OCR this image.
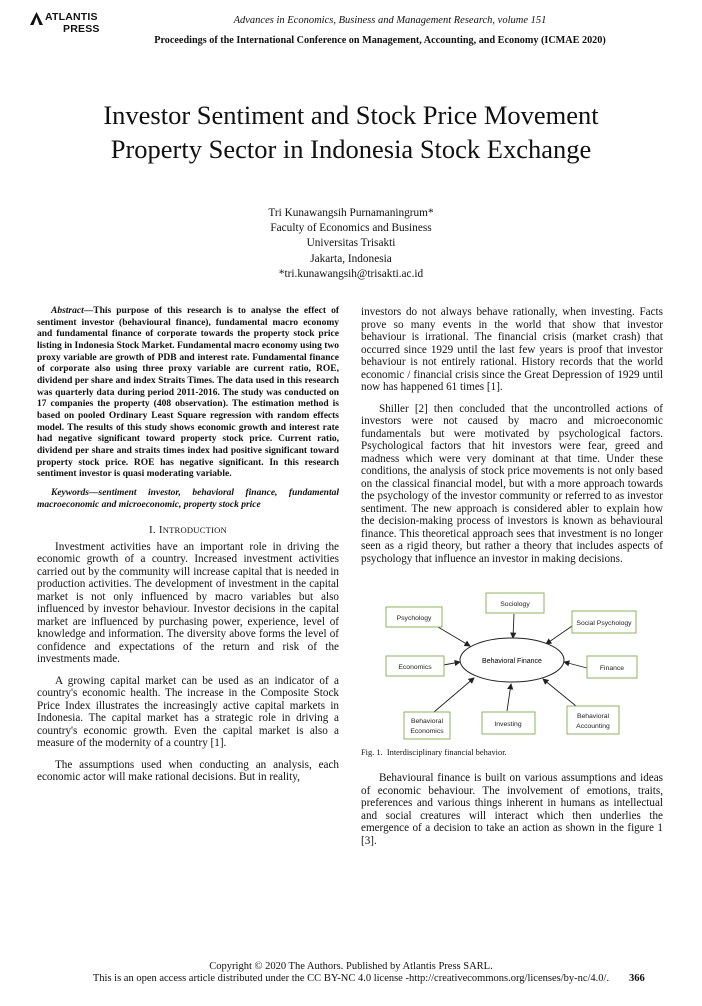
ATLANTIS
PRESS
Advances in Economics, Business and Management Research, volume 151
Proceedings of the International Conference on Management, Accounting, and Economy (ICMAE 2020)
Investor Sentiment and Stock Price Movement
Property Sector in Indonesia Stock Exchange
Tri Kunawangsih Purnamaningrum*
Faculty of Economics and Business
Universitas Trisakti
Jakarta, Indonesia
*tri.kunawangsih@trisakti.ac.id
Abstract—This purpose of this research is to analyse the effect of sentiment investor (behavioural finance), fundamental macro economy and fundamental finance of corporate towards the property stock price listing in Indonesia Stock Market. Fundamental macro economy using two proxy variable are growth of PDB and interest rate. Fundamental finance of corporate also using three proxy variable are current ratio, ROE, dividend per share and index Straits Times. The data used in this research was quarterly data during period 2011-2016. The study was conducted on 17 companies the property (408 observation). The estimation method is based on pooled Ordinary Least Square regression with random effects model. The results of this study shows economic growth and interest rate had negative significant toward property stock price. Current ratio, dividend per share and straits times index had positive significant toward property stock price. ROE has negative significant. In this research sentiment investor is quasi moderating variable.
Keywords—sentiment investor, behavioral finance, fundamental macroeconomic and microeconomic, property stock price
I. INTRODUCTION

Investment activities have an important role in driving the economic growth of a country. Increased investment activities carried out by the community will increase capital that is needed in production activities. The development of investment in the capital market is not only influenced by macro variables but also influenced by investor behaviour. Investor decisions in the capital market are influenced by purchasing power, experience, level of knowledge and information. The diversity above forms the level of confidence and expectations of the return and risk of the investments made.

A growing capital market can be used as an indicator of a country's economic health. The increase in the Composite Stock Price Index illustrates the increasingly active capital markets in Indonesia. The capital market has a strategic role in driving a country's economic growth. Even the capital market is also a measure of the modernity of a country [1].

The assumptions used when conducting an analysis, each economic actor will make rational decisions. But in reality,

investors do not always behave rationally, when investing. Facts prove so many events in the world that show that investor behaviour is irrational. The financial crisis (market crash) that occurred since 1929 until the last few years is proof that investor behaviour is not entirely rational. History records that the world economic / financial crisis since the Great Depression of 1929 until now has happened 61 times [1].

Shiller [2] then concluded that the uncontrolled actions of investors were not caused by macro and microeconomic fundamentals but were motivated by psychological factors. Psychological factors that hit investors were fear, greed and madness which were very dominant at that time. Under these conditions, the analysis of stock price movements is not only based on the classical financial model, but with a more approach towards the psychology of the investor community or referred to as investor sentiment. The new approach is considered abler to explain how the decision-making process of investors is known as behavioural finance. This theoretical approach sees that investment is no longer seen as a rigid theory, but rather a theory that includes aspects of psychology that influence an investor in making decisions.

Behavioral Finance
Sociology
Psychology
Social Psychology
Economics	Finance
Behavioral
Economics
Investing
Behavioral
Accounting
Fig. 1. Interdisciplinary financial behavior.

Behavioural finance is built on various assumptions and ideas of economic behaviour. The involvement of emotions, traits, preferences and various things inherent in humans as intellectual and social creatures will interact which then underlies the emergence of a decision to take an action as shown in the figure 1 [3].

Copyright © 2020 The Authors. Published by Atlantis Press SARL.
This is an open access article distributed under the CC BY-NC 4.0 license -http://creativecommons.org/licenses/by-nc/4.0/.	366
